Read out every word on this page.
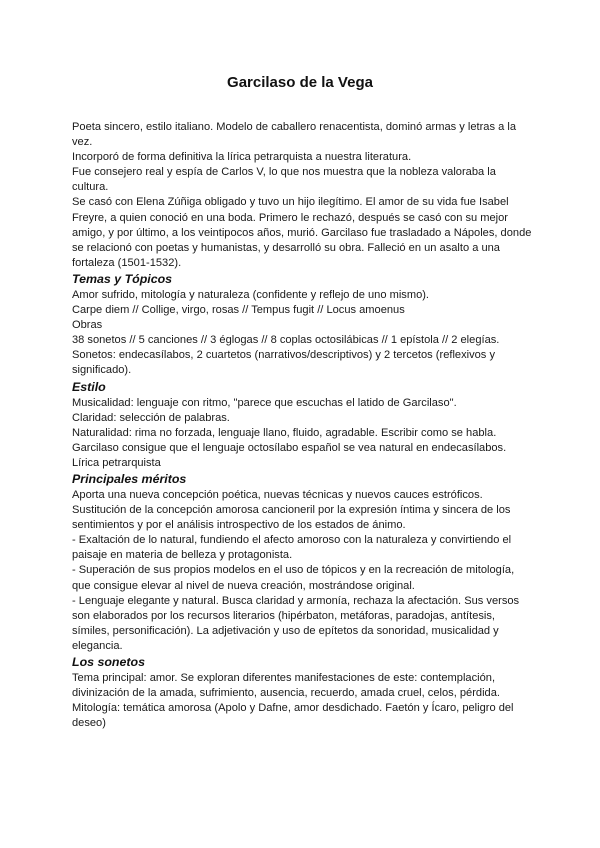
Garcilaso de la Vega

Poeta sincero, estilo italiano. Modelo de caballero renacentista, dominó armas y letras a la vez.

Incorporó de forma definitiva la lírica petrarquista a nuestra literatura.

Fue consejero real y espía de Carlos V, lo que nos muestra que la nobleza valoraba la cultura.

Se casó con Elena Zúñiga obligado y tuvo un hijo ilegítimo. El amor de su vida fue Isabel Freyre, a quien conoció en una boda. Primero le rechazó, después se casó con su mejor amigo, y por último, a los veintipocos años, murió. Garcilaso fue trasladado a Nápoles, donde se relacionó con poetas y humanistas, y desarrolló su obra. Falleció en un asalto a una fortaleza (1501-1532).

Temas y Tópicos

Amor sufrido, mitología y naturaleza (confidente y reflejo de uno mismo).

Carpe diem // Collige, virgo, rosas // Tempus fugit // Locus amoenus

Obras

38 sonetos // 5 canciones // 3 églogas // 8 coplas octosilábicas // 1 epístola // 2 elegías.

Sonetos: endecasílabos, 2 cuartetos (narrativos/descriptivos) y 2 tercetos (reflexivos y significado).

Estilo

Musicalidad: lenguaje con ritmo, "parece que escuchas el latido de Garcilaso".

Claridad: selección de palabras.

Naturalidad: rima no forzada, lenguaje llano, fluido, agradable. Escribir como se habla.

Garcilaso consigue que el lenguaje octosílabo español se vea natural en endecasílabos.

Lírica petrarquista

Principales méritos

Aporta una nueva concepción poética, nuevas técnicas y nuevos cauces estróficos.

Sustitución de la concepción amorosa cancioneril por la expresión íntima y sincera de los sentimientos y por el análisis introspectivo de los estados de ánimo.

- Exaltación de lo natural, fundiendo el afecto amoroso con la naturaleza y convirtiendo el paisaje en materia de belleza y protagonista.

- Superación de sus propios modelos en el uso de tópicos y en la recreación de mitología, que consigue elevar al nivel de nueva creación, mostrándose original.

- Lenguaje elegante y natural. Busca claridad y armonía, rechaza la afectación. Sus versos son elaborados por los recursos literarios (hipérbaton, metáforas, paradojas, antítesis, símiles, personificación). La adjetivación y uso de epítetos da sonoridad, musicalidad y elegancia.

Los sonetos

Tema principal: amor. Se exploran diferentes manifestaciones de este: contemplación, divinización de la amada, sufrimiento, ausencia, recuerdo, amada cruel, celos, pérdida.

Mitología: temática amorosa (Apolo y Dafne, amor desdichado. Faetón y Ícaro, peligro del deseo)
